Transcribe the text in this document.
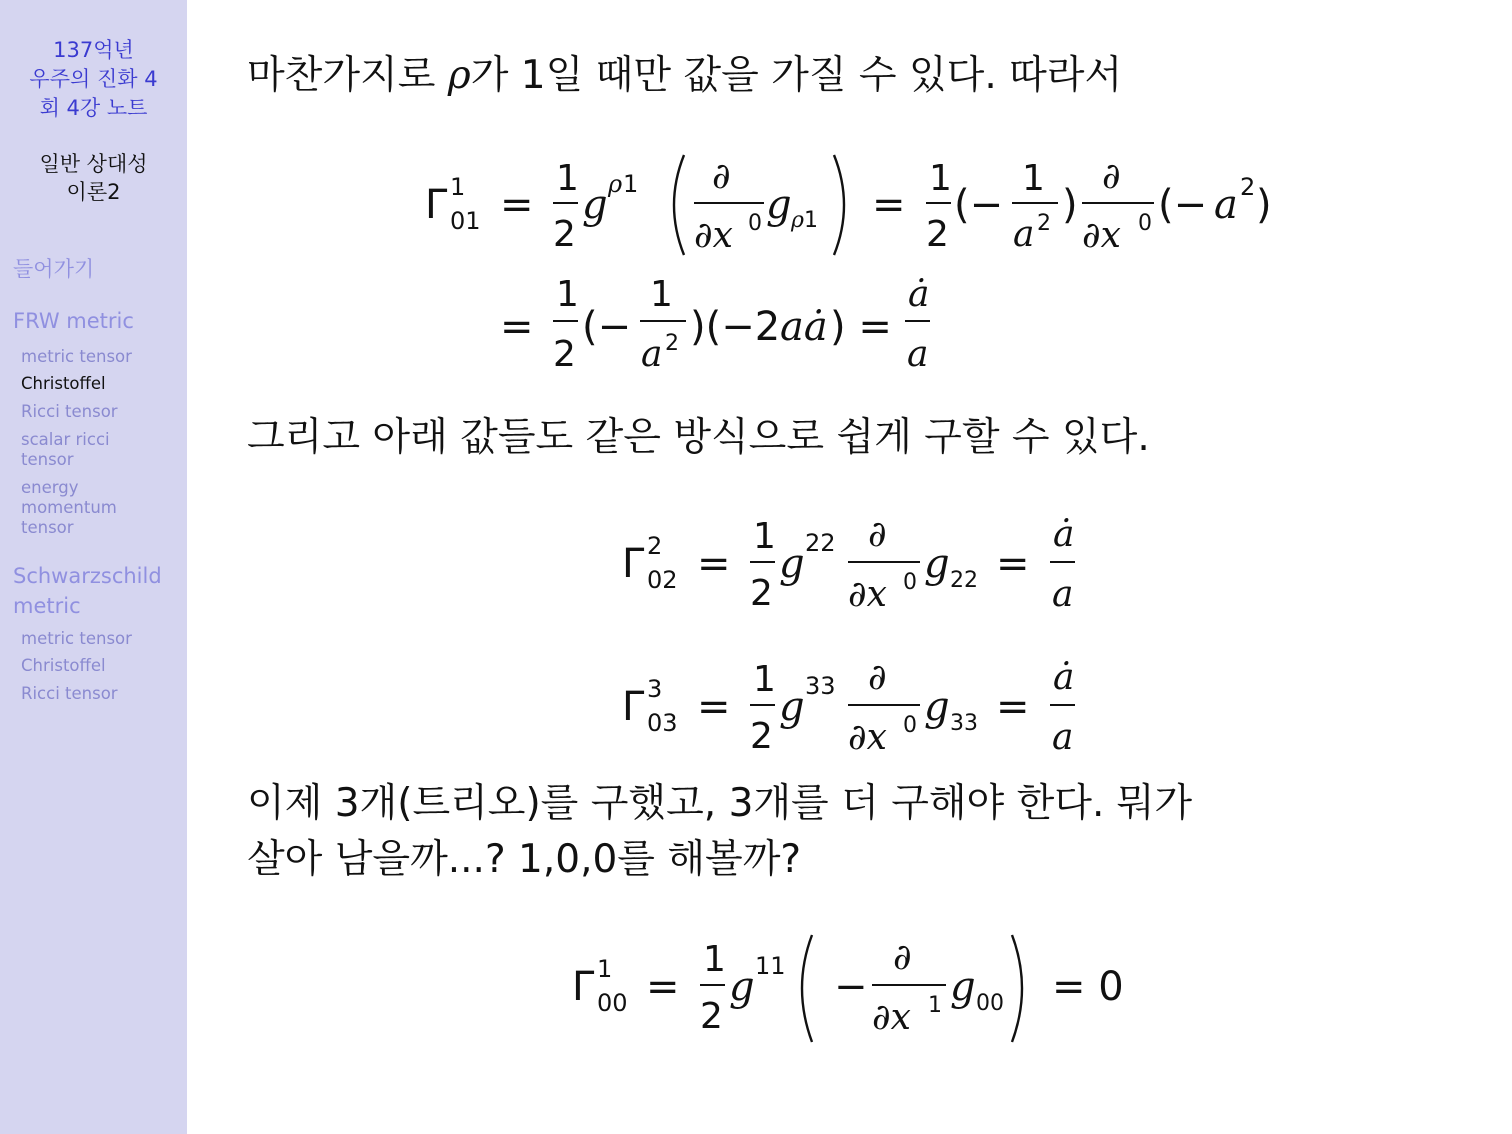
137억년
우주의 진화 4
회 4강 노트
일반 상대성
이론2
들어가기
FRW metric
metric tensor
Christoffel
Ricci tensor
scalar ricci tensor
energy momentum tensor
Schwarzschild metric
metric tensor
Christoffel
Ricci tensor
마찬가지로 ρ가 1일 때만 값을 가질 수 있다. 따라서
그리고 아래 값들도 같은 방식으로 쉽게 구할 수 있다.
이제 3개(트리오)를 구했고, 3개를 더 구해야 한다. 뭐가
살아 남을까...? 1,0,0를 해볼까?
Γ 1
01 =
1
2
g ρ 1 ∂
∂x 0 g ρ 1 =
1
2
(−
1
a 2 )
∂
∂x 0 (− a 2 )
=
1
2
(−
1
a 2 )(−2 aȧ ) =
ȧ
a
Γ 2
02 =
1
2
g 22 ∂
∂x 0 g 22 =
ȧ
a
Γ 3
03 =
1
2
g 33 ∂
∂x 0 g 33 =
ȧ
a
Γ 1
00 =
1
2
g 11 −
∂
∂x 1 g 00 = 0
